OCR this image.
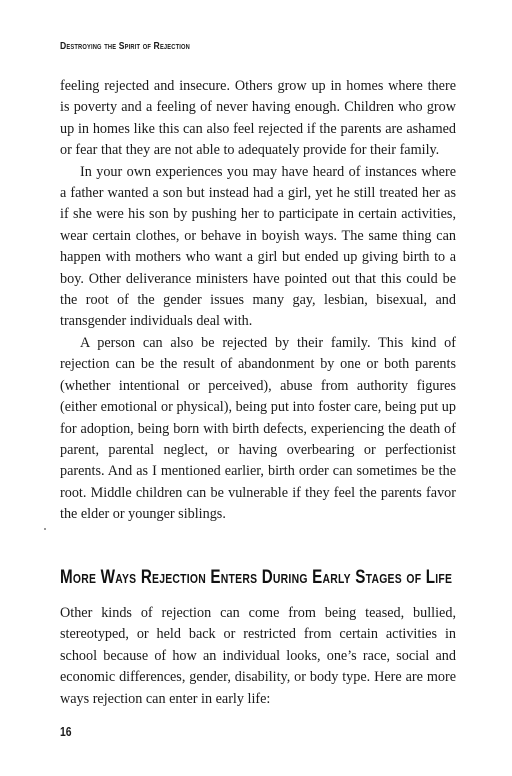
Destroying the Spirit of Rejection

feeling rejected and insecure. Others grow up in homes where there is poverty and a feeling of never having enough. Children who grow up in homes like this can also feel rejected if the parents are ashamed or fear that they are not able to adequately provide for their family.

In your own experiences you may have heard of instances where a father wanted a son but instead had a girl, yet he still treated her as if she were his son by pushing her to participate in certain activities, wear certain clothes, or behave in boyish ways. The same thing can happen with mothers who want a girl but ended up giving birth to a boy. Other deliverance ministers have pointed out that this could be the root of the gender issues many gay, lesbian, bisexual, and transgender individuals deal with.

A person can also be rejected by their family. This kind of rejection can be the result of abandonment by one or both parents (whether intentional or perceived), abuse from authority figures (either emotional or physical), being put into foster care, being put up for adoption, being born with birth defects, experiencing the death of parent, parental neglect, or having overbearing or perfectionist parents. And as I mentioned earlier, birth order can sometimes be the root. Middle children can be vulnerable if they feel the parents favor the elder or younger siblings.

More Ways Rejection Enters During Early Stages of Life

Other kinds of rejection can come from being teased, bullied, stereotyped, or held back or restricted from certain activities in school because of how an individual looks, one’s race, social and economic differences, gender, disability, or body type. Here are more ways rejection can enter in early life:

16
